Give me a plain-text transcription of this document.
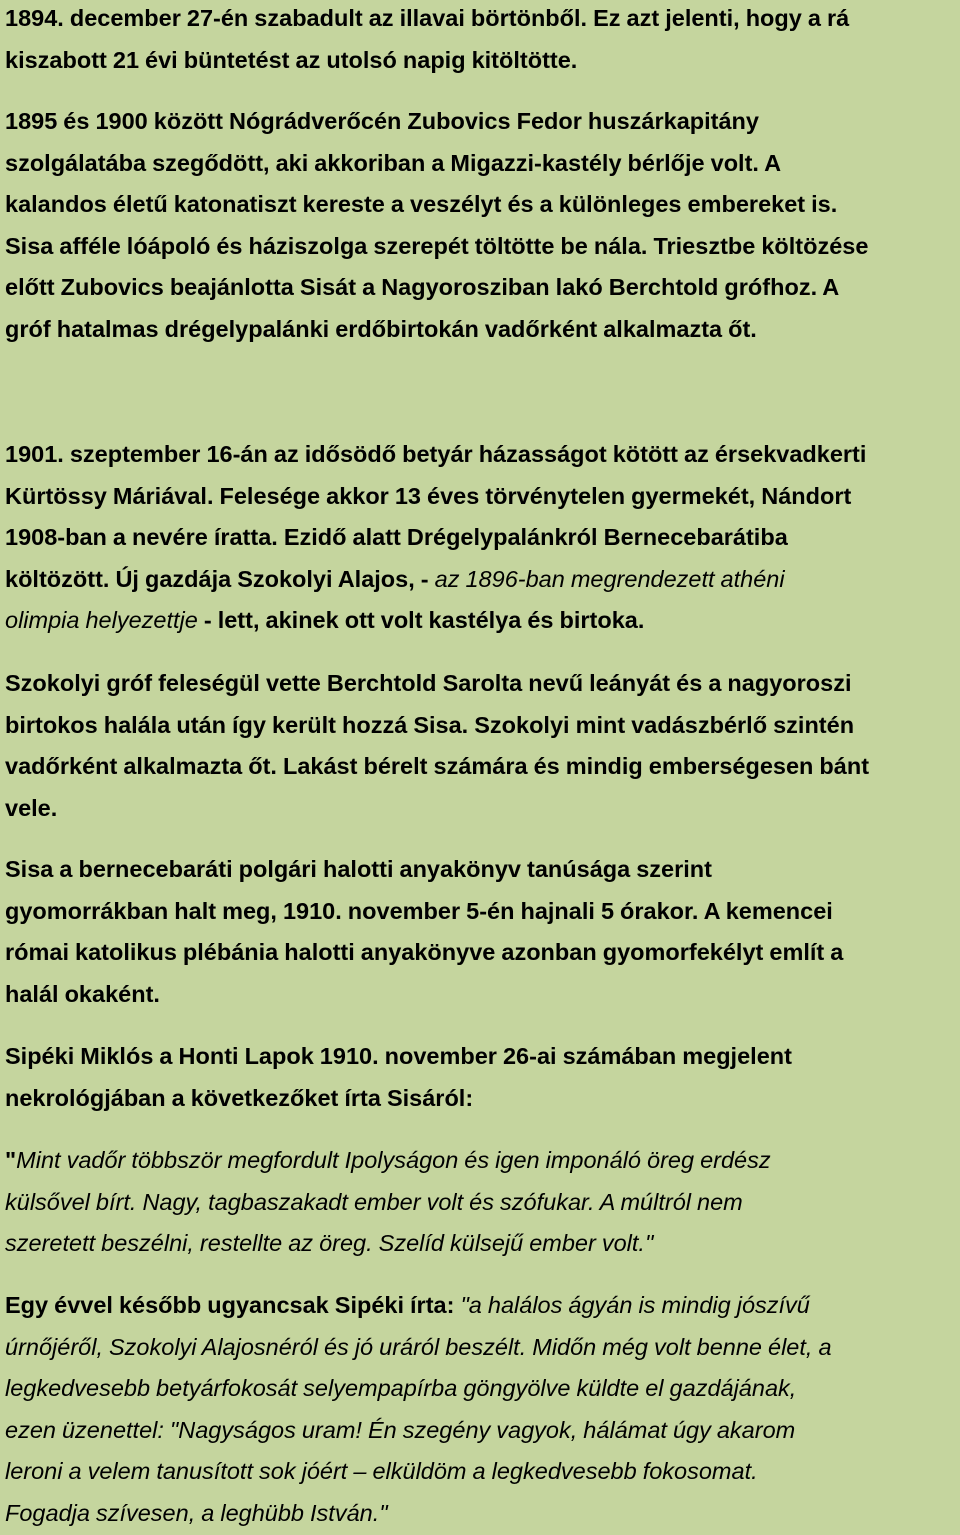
1894. december 27-én szabadult az illavai börtönből. Ez azt jelenti, hogy a rá
kiszabott 21 évi büntetést az utolsó napig kitöltötte.

1895 és 1900 között Nógrádverőcén Zubovics Fedor huszárkapitány
szolgálatába szegődött, aki akkoriban a Migazzi-kastély bérlője volt. A
kalandos életű katonatiszt kereste a veszélyt és a különleges embereket is.
Sisa afféle lóápoló és háziszolga szerepét töltötte be nála. Triesztbe költözése
előtt Zubovics beajánlotta Sisát a Nagyorosziban lakó Berchtold grófhoz. A
gróf hatalmas drégelypalánki erdőbirtokán vadőrként alkalmazta őt.

1901. szeptember 16-án az idősödő betyár házasságot kötött az érsekvadkerti
Kürtössy Máriával. Felesége akkor 13 éves törvénytelen gyermekét, Nándort
1908-ban a nevére íratta. Ezidő alatt Drégelypalánkról Bernecebarátiba
költözött. Új gazdája Szokolyi Alajos, - az 1896-ban megrendezett athéni
olimpia helyezettje - lett, akinek ott volt kastélya és birtoka.

Szokolyi gróf feleségül vette Berchtold Sarolta nevű leányát és a nagyoroszi
birtokos halála után így került hozzá Sisa. Szokolyi mint vadászbérlő szintén
vadőrként alkalmazta őt. Lakást bérelt számára és mindig emberségesen bánt
vele.

Sisa a bernecebaráti polgári halotti anyakönyv tanúsága szerint
gyomorrákban halt meg, 1910. november 5-én hajnali 5 órakor. A kemencei
római katolikus plébánia halotti anyakönyve azonban gyomorfekélyt említ a
halál okaként.

Sipéki Miklós a Honti Lapok 1910. november 26-ai számában megjelent
nekrológjában a következőket írta Sisáról:

"Mint vadőr többször megfordult Ipolyságon és igen imponáló öreg erdész
külsővel bírt. Nagy, tagbaszakadt ember volt és szófukar. A múltról nem
szeretett beszélni, restellte az öreg. Szelíd külsejű ember volt."

Egy évvel később ugyancsak Sipéki írta: "a halálos ágyán is mindig jószívű
úrnőjéről, Szokolyi Alajosnéról és jó uráról beszélt. Midőn még volt benne élet, a
legkedvesebb betyárfokosát selyempapírba göngyölve küldte el gazdájának,
ezen üzenettel: "Nagyságos uram! Én szegény vagyok, hálámat úgy akarom
leroni a velem tanusított sok jóért – elküldöm a legkedvesebb fokosomat.
Fogadja szívesen, a leghübb István."
